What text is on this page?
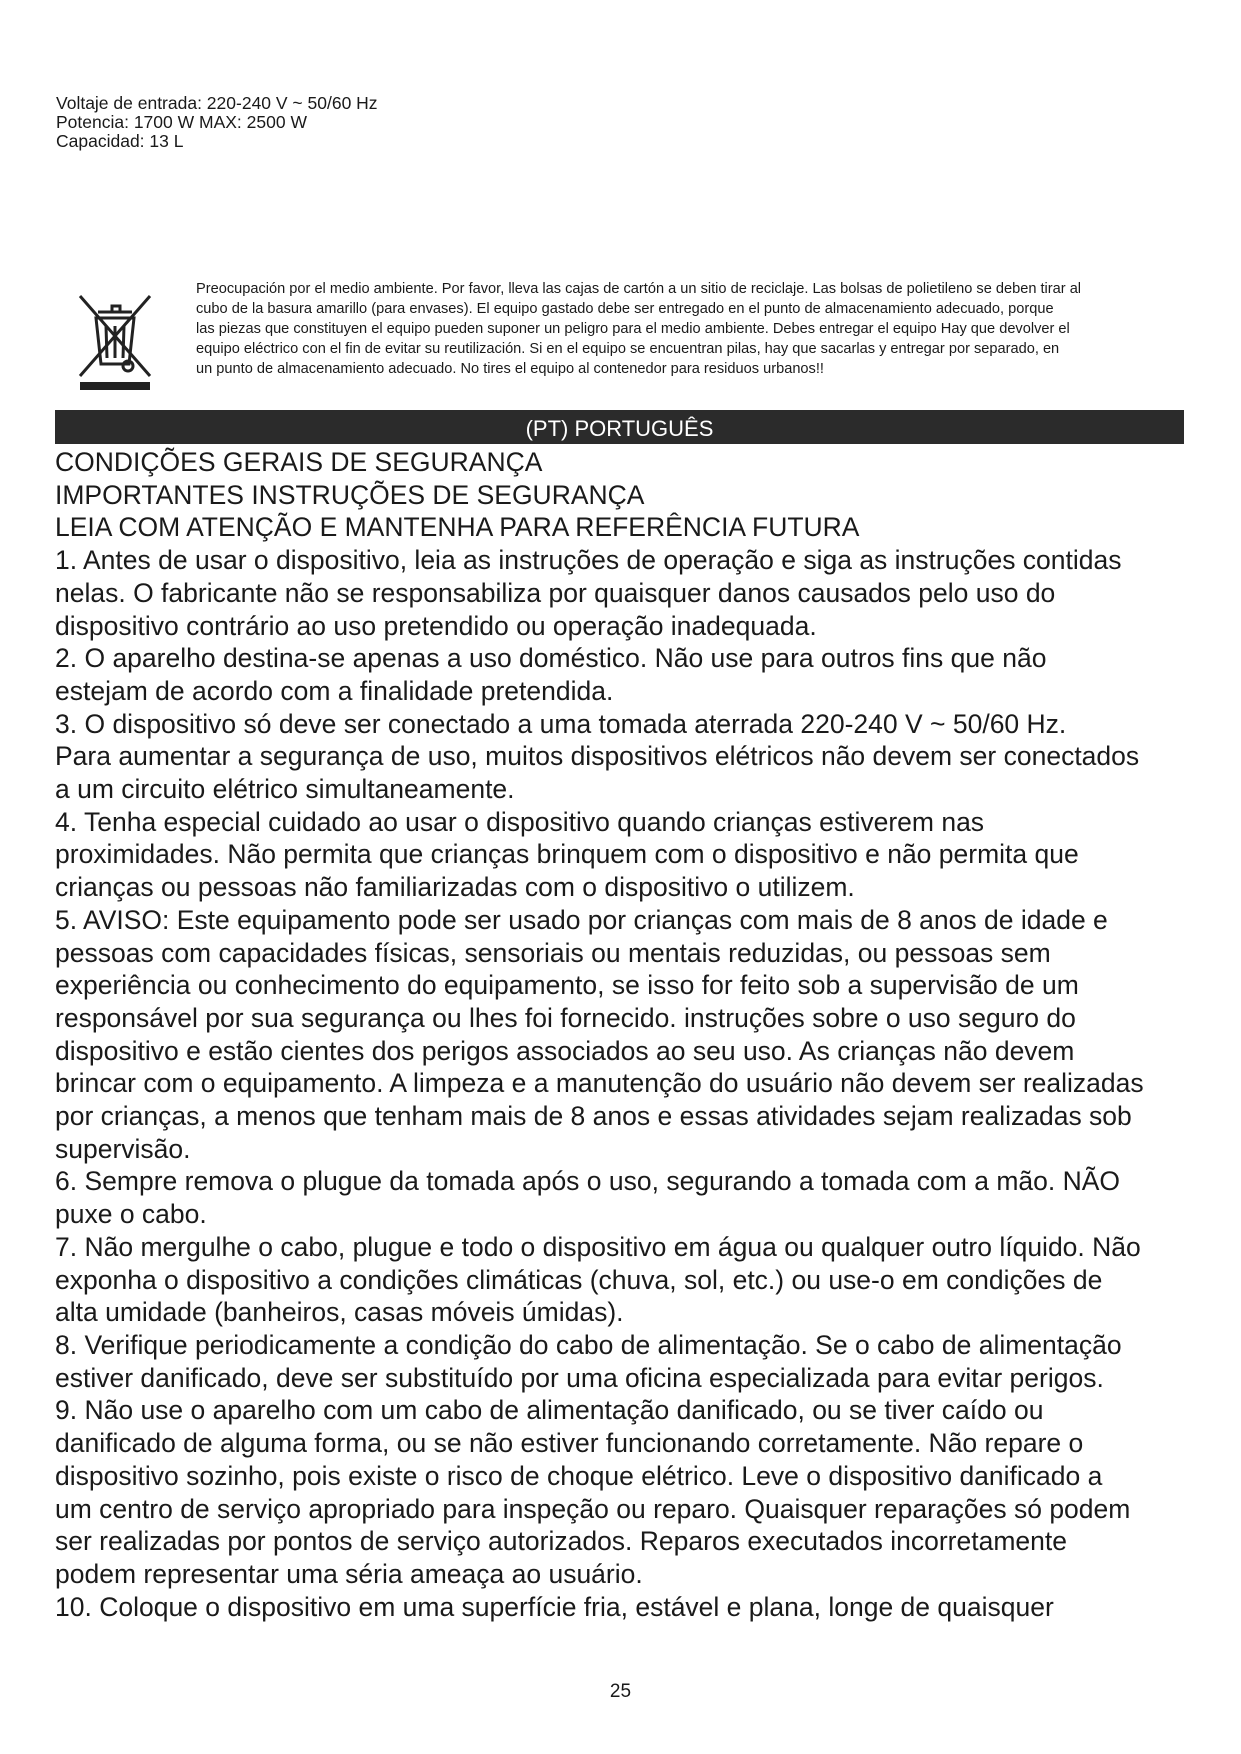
Voltaje de entrada: 220-240 V ~ 50/60 Hz
Potencia: 1700 W MAX: 2500 W
Capacidad: 13 L
Preocupación por el medio ambiente. Por favor, lleva las cajas de cartón a un sitio de reciclaje. Las bolsas de polietileno se deben tirar al
cubo de la basura amarillo (para envases). El equipo gastado debe ser entregado en el punto de almacenamiento adecuado, porque
las piezas que constituyen el equipo pueden suponer un peligro para el medio ambiente. Debes entregar el equipo Hay que devolver el
equipo eléctrico con el fin de evitar su reutilización. Si en el equipo se encuentran pilas, hay que sacarlas y entregar por separado, en
un punto de almacenamiento adecuado. No tires el equipo al contenedor para residuos urbanos!!
(PT) PORTUGUÊS
CONDIÇÕES GERAIS DE SEGURANÇA
IMPORTANTES INSTRUÇÕES DE SEGURANÇA
LEIA COM ATENÇÃO E MANTENHA PARA REFERÊNCIA FUTURA
1. Antes de usar o dispositivo, leia as instruções de operação e siga as instruções contidas
nelas. O fabricante não se responsabiliza por quaisquer danos causados pelo uso do
dispositivo contrário ao uso pretendido ou operação inadequada.
2. O aparelho destina-se apenas a uso doméstico. Não use para outros fins que não
estejam de acordo com a finalidade pretendida.
3. O dispositivo só deve ser conectado a uma tomada aterrada 220-240 V ~ 50/60 Hz.
Para aumentar a segurança de uso, muitos dispositivos elétricos não devem ser conectados
a um circuito elétrico simultaneamente.
4. Tenha especial cuidado ao usar o dispositivo quando crianças estiverem nas
proximidades. Não permita que crianças brinquem com o dispositivo e não permita que
crianças ou pessoas não familiarizadas com o dispositivo o utilizem.
5. AVISO: Este equipamento pode ser usado por crianças com mais de 8 anos de idade e
pessoas com capacidades físicas, sensoriais ou mentais reduzidas, ou pessoas sem
experiência ou conhecimento do equipamento, se isso for feito sob a supervisão de um
responsável por sua segurança ou lhes foi fornecido. instruções sobre o uso seguro do
dispositivo e estão cientes dos perigos associados ao seu uso. As crianças não devem
brincar com o equipamento. A limpeza e a manutenção do usuário não devem ser realizadas
por crianças, a menos que tenham mais de 8 anos e essas atividades sejam realizadas sob
supervisão.
6. Sempre remova o plugue da tomada após o uso, segurando a tomada com a mão. NÃO
puxe o cabo.
7. Não mergulhe o cabo, plugue e todo o dispositivo em água ou qualquer outro líquido. Não
exponha o dispositivo a condições climáticas (chuva, sol, etc.) ou use-o em condições de
alta umidade (banheiros, casas móveis úmidas).
8. Verifique periodicamente a condição do cabo de alimentação. Se o cabo de alimentação
estiver danificado, deve ser substituído por uma oficina especializada para evitar perigos.
9. Não use o aparelho com um cabo de alimentação danificado, ou se tiver caído ou
danificado de alguma forma, ou se não estiver funcionando corretamente. Não repare o
dispositivo sozinho, pois existe o risco de choque elétrico. Leve o dispositivo danificado a
um centro de serviço apropriado para inspeção ou reparo. Quaisquer reparações só podem
ser realizadas por pontos de serviço autorizados. Reparos executados incorretamente
podem representar uma séria ameaça ao usuário.
10. Coloque o dispositivo em uma superfície fria, estável e plana, longe de quaisquer
25
